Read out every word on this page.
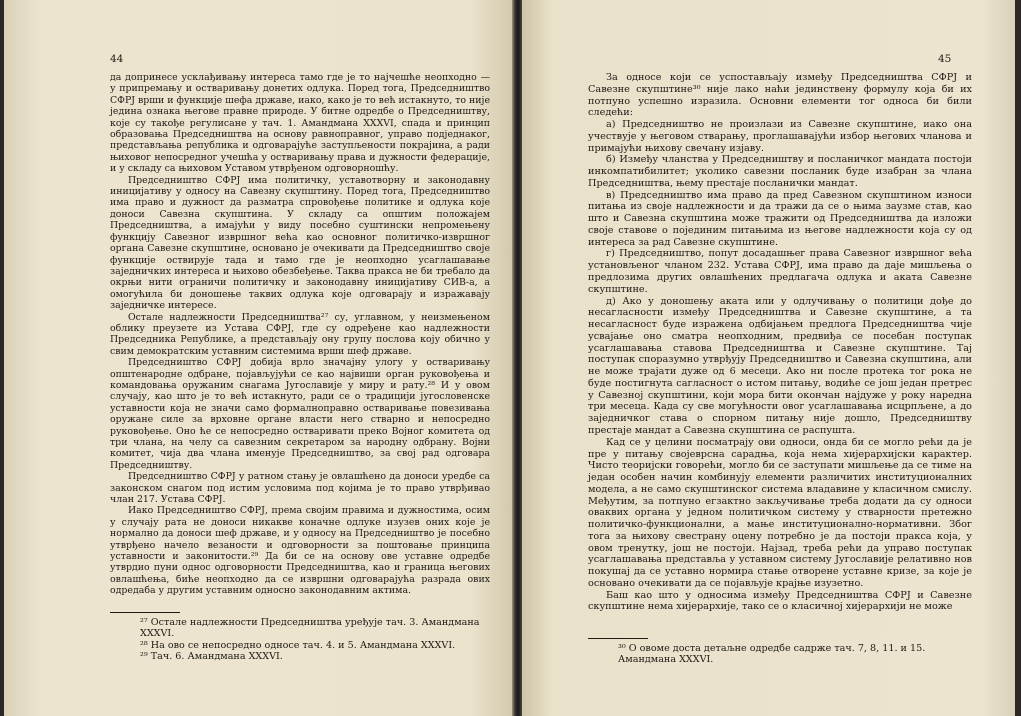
44

да допринесе усклађивању интереса тамо где је то најчешће неопходно — у припремању и остваривању донетих одлука. Поред тога, Председништво СФРЈ врши и функције шефа државе, иако, како је то већ истакнуто, то није једина ознака његове правне природе. У битне одредбе о Председништву, које су такође регулисане у тач. 1. Амандмана XXXVI, спада и принцип образовања Председништва на основу равноправног, управо подједнаког, представљања република и одговарајуће заступљености покрајина, а ради њиховог непосредног учешћа у остваривању права и дужности федерације, и у складу са њиховом Уставом утврђеном одговорношћу.

Председништво СФРЈ има политичку, уставотворну и законодавну иницијативу у односу на Савезну скупштину. Поред тога, Председништво има право и дужност да разматра спровођење политике и одлука које доноси Савезна скупштина. У складу са општим положајем Председништва, а имајући у виду посебно суштински непромењену функцију Савезног извршног већа као основног политичко-извршног органа Савезне скупштине, основано је очекивати да Председништво своје функције оствирује тада и тамо где је неопходно усаглашавање заједничких интереса и њихово обезбеђење. Таква пракса не би требало да окрњи нити ограничи политичку и законодавну иницијативу СИВ-а, а омогућила би доношење таквих одлука које одговарају и изражавају заједничке интересе.

Остале надлежности Председништва²⁷ су, углавном, у неизмењеном облику преузете из Устава СФРЈ, где су одређене као надлежности Председника Републике, а представљају ону групу послова коју обично у свим демократским уставним системима врши шеф државе.

Председништво СФРЈ добија врло значајну улогу у остваривању општенародне одбране, појављујући се као највиши орган руковођења и командовања оружаним снагама Југославије у миру и рату.²⁸ И у овом случају, као што је то већ истакнуто, ради се о традицији југословенске уставности која не значи само формалноправно оствaривање повезивања оружане силе за врховне органе власти него стварно и непосредно руковођење. Оно ће се непосредно остваривати преко Војног комитета од три члана, на челу са савезним секретаром за народну одбрану. Војни комитет, чија два члана именује Председништво, за свој рад одговара Председништву.

Председништво СФРЈ у ратном стању је овлашћено да доноси уредбе са законском снагом под истим условима под којима је то право утврђивао члан 217. Устава СФРЈ.

Иако Председништво СФРЈ, према својим правима и дужностима, осим у случају рата не доноси никакве коначне одлуке изузев оних које је нормално да доноси шеф државе, и у односу на Председништво је посебно утврђено начело везаности и одговорности за поштовање принципа уставности и законитости.²⁹ Да би се на основу ове уставне одредбе утврдио пуни однос одговорности Председништва, као и граница његових овлашћења, биће неопходно да се извршни одговарајућа разрада ових одредаба у другим уставним односно законодавним актима.

²⁷ Остале надлежности Председништва уређује тач. 3. Амандмана XXXVI.

²⁸ На ово се непосредно односе тач. 4. и 5. Амандмана XXXVI.

²⁹ Тач. 6. Амандмана XXXVI.

45

За односе који се успостављају између Председништва СФРЈ и Савезне скупштине³⁰ није лако наћи јединствену формулу која би их потпуно успешно изразила. Основни елементи тог односа би били следећи:

а) Председништво не произлази из Савезне скупштине, иако она учествује у његовом стварању, проглашавајући избор његових чланова и примајући њихову свечану изјаву.

б) Између чланства у Председништву и посланичког мандата постоји инкомпатибилитет; уколико савезни посланик буде изабран за члана Председништва, њему престаје посланички мандат.

в) Председништво има право да пред Савезном скупштином износи питања из своје надлежности и да тражи да се о њима заузме став, као што и Савезна скупштина може тражити од Председништва да изложи своје ставове о појединим питањима из његове надлежности која су од интереса за рад Савезне скупштине.

г) Председништво, попут досадашњег права Савезног извршног већа установљеног чланом 232. Устава СФРЈ, има право да даје мишљења о предлозима других овлашћених предлагача одлука и аката Савезне скупштине.

д) Ако у доношењу аката или у одлучивању о политици дође до несагласности између Председништва и Савезне скупштине, а та несагласност буде изражена одбијањем предлога Председништва чије усвајање оно сматра неопходним, предвиђа се посебан поступак усаглашавања ставова Председништва и Савезне скупштине. Тај поступак споразумно утврђују Председништво и Савезна скупштина, али не може трајати дуже од 6 месеци. Ако ни после протека тог рока не буде постигнута сагласност о истом питању, водиће се још један претрес у Савезној скупштини, који мора бити окончан најдуже у року наредна три месеца. Када су све могућности овог усаглашавања исцрпљене, а до заједничког става о спорном питању није дошло, Председништву престаје мандат а Савезна скупштина се распушта.

Кад се у целини посматрају ови односи, онда би се могло рећи да је пре у питању својеврсна сарадња, која нема хијерархијски карактер. Чисто теоријски говорећи, могло би се заступати мишљење да се тиме на један особен начин комбинују елементи различитих институционалних модела, а не само скупштинског система владавине у класичном смислу. Међутим, за потпуно егзактно закључивање треба додати да су односи оваквих органа у једном политичком систему у стварности претежно политичко-функционални, а мање институционално-нормативни. Због тога за њихову свестрану оцену потребно је да постоји пракса која, у овом тренутку, још не постоји. Најзад, треба рећи да управо поступак усаглашавања представља у уставном систему Југославије релативно нов покушај да се уставно нормира стање отворене уставне кризе, за које је основано очекивати да се појављује крајње изузетно.

Баш као што у односима између Председништва СФРЈ и Савезне скупштине нема хијерархије, тако се о класичној хијерархији не може

³⁰ О овоме доста детаљне одредбе садрже тач. 7, 8, 11. и 15. Амандмана XXXVI.
